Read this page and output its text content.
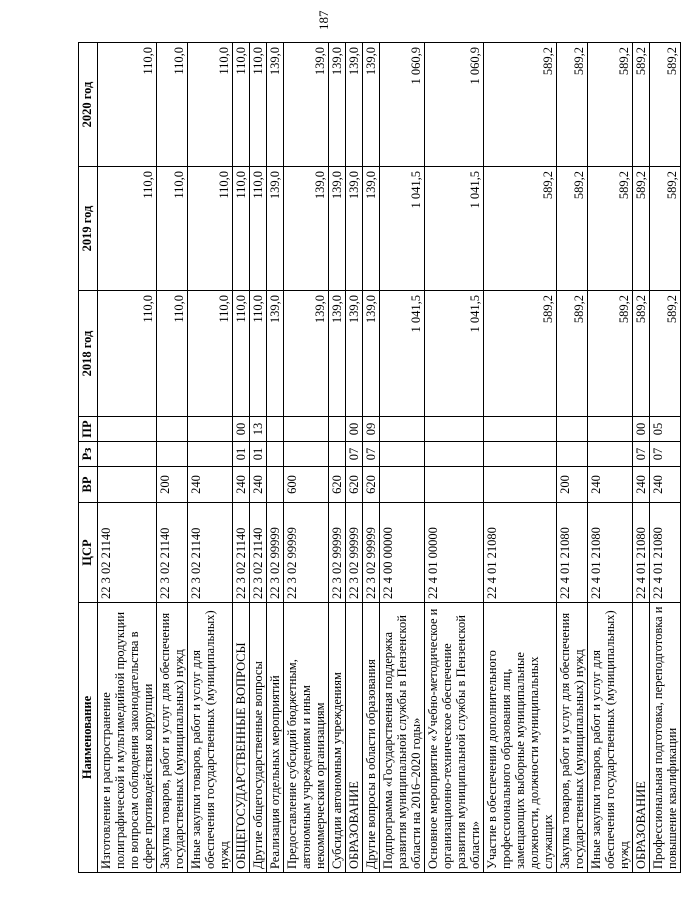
187
Наименование	ЦСР	ВР	Рз	ПР	2018 год	2019 год	2020 год
Изготовление и распространение полиграфической и мультимедийной продукции по вопросам соблюдения законодательства в сфере противодействия коррупции	22 3 02 21140				110,0	110,0	110,0
Закупка товаров, работ и услуг для обеспечения государственных (муниципальных) нужд	22 3 02 21140	200			110,0	110,0	110,0
Иные закупки товаров, работ и услуг для обеспечения государственных (муниципальных) нужд	22 3 02 21140	240			110,0	110,0	110,0
ОБЩЕГОСУДАРСТВЕННЫЕ ВОПРОСЫ	22 3 02 21140	240	01	00	110,0	110,0	110,0
Другие общегосударственные вопросы	22 3 02 21140	240	01	13	110,0	110,0	110,0
Реализация отдельных мероприятий	22 3 02 99999				139,0	139,0	139,0
Предоставление субсидий бюджетным, автономным учреждениям и иным некоммерческим организациям	22 3 02 99999	600			139,0	139,0	139,0
Субсидии автономным учреждениям	22 3 02 99999	620			139,0	139,0	139,0
ОБРАЗОВАНИЕ	22 3 02 99999	620	07	00	139,0	139,0	139,0
Другие вопросы в области образования	22 3 02 99999	620	07	09	139,0	139,0	139,0
Подпрограмма «Государственная поддержка развития муниципальной службы в Пензенской области на 2016–2020 годы»	22 4 00 00000				1 041,5	1 041,5	1 060,9
Основное мероприятие «Учебно-методическое и организационно-техническое обеспечение развития муниципальной службы в Пензенской области»	22 4 01 00000				1 041,5	1 041,5	1 060,9
Участие в обеспечении дополнительного профессионального образования лиц, замещающих выборные муниципальные должности, должности муниципальных служащих	22 4 01 21080				589,2	589,2	589,2
Закупка товаров, работ и услуг для обеспечения государственных (муниципальных) нужд	22 4 01 21080	200			589,2	589,2	589,2
Иные закупки товаров, работ и услуг для обеспечения государственных (муниципальных) нужд	22 4 01 21080	240			589,2	589,2	589,2
ОБРАЗОВАНИЕ	22 4 01 21080	240	07	00	589,2	589,2	589,2
Профессиональная подготовка, переподготовка и повышение квалификации	22 4 01 21080	240	07	05	589,2	589,2	589,2
